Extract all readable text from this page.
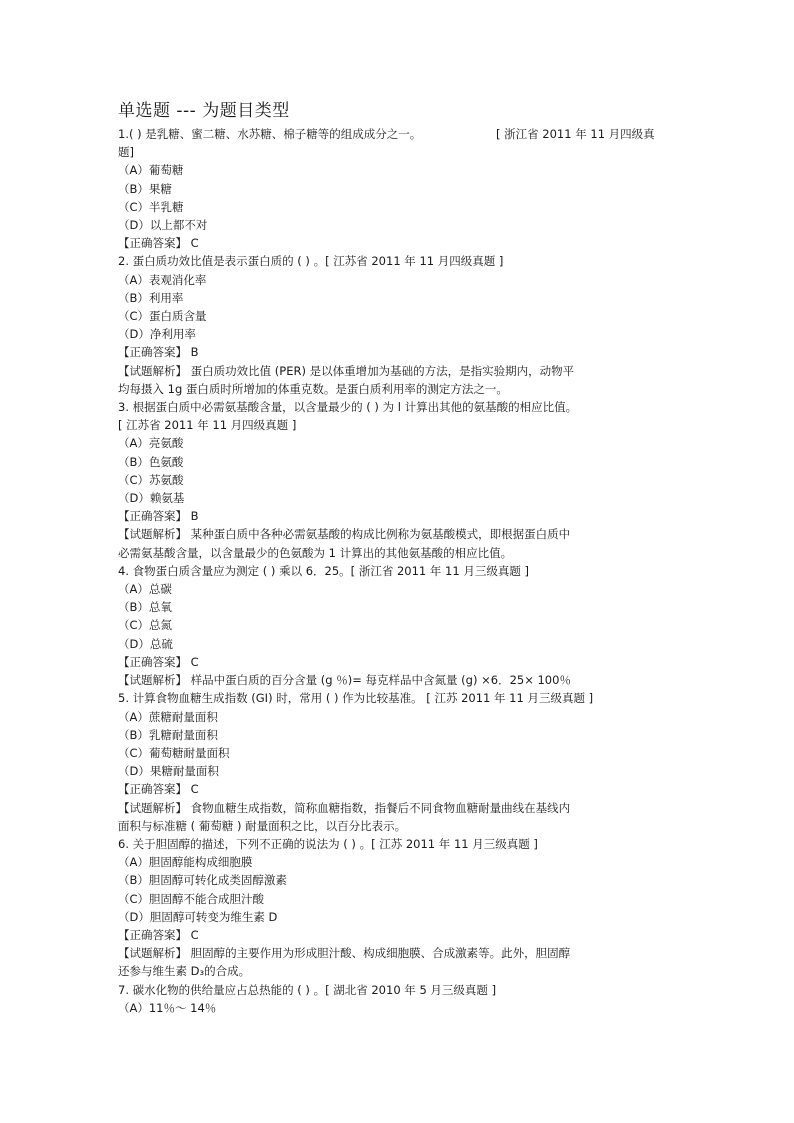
单选题 --- 为题目类型
1.( ) 是乳糖、蜜二糖、水苏糖、棉子糖等的组成成分之一。	[ 浙江省 2011 年 11 月四级真
题]
（A）葡萄糖
（B）果糖
（C）半乳糖
（D）以上都不对
【正确答案】 C
2. 蛋白质功效比值是表示蛋白质的 ( ) 。[ 江苏省 2011 年 11 月四级真题 ]
（A）表观消化率
（B）利用率
（C）蛋白质含量
（D）净利用率
【正确答案】 B
【试题解析】 蛋白质功效比值 (PER) 是以体重增加为基础的方法，是指实验期内，动物平
均每摄入 1g 蛋白质时所增加的体重克数。是蛋白质利用率的测定方法之一。
3. 根据蛋白质中必需氨基酸含量，以含量最少的 ( ) 为 l 计算出其他的氨基酸的相应比值。
[ 江苏省 2011 年 11 月四级真题 ]
（A）亮氨酸
（B）色氨酸
（C）苏氨酸
（D）赖氨基
【正确答案】 B
【试题解析】 某种蛋白质中各种必需氨基酸的构成比例称为氨基酸模式，即根据蛋白质中
必需氨基酸含量，以含量最少的色氨酸为 1 计算出的其他氨基酸的相应比值。
4. 食物蛋白质含量应为测定 ( ) 乘以 6．25。[ 浙江省 2011 年 11 月三级真题 ]
（A）总碳
（B）总氧
（C）总氮
（D）总硫
【正确答案】 C
【试题解析】 样品中蛋白质的百分含量 (g ％)= 每克样品中含氮量 (g) ×6．25× 100％
5. 计算食物血糖生成指数 (GI) 时，常用 ( ) 作为比较基准。 [ 江苏 2011 年 11 月三级真题 ]
（A）蔗糖耐量面积
（B）乳糖耐量面积
（C）葡萄糖耐量面积
（D）果糖耐量面积
【正确答案】 C
【试题解析】 食物血糖生成指数，简称血糖指数，指餐后不同食物血糖耐量曲线在基线内
面积与标准糖 ( 葡萄糖 ) 耐量面积之比，以百分比表示。
6. 关于胆固醇的描述，下列不正确的说法为 ( ) 。[ 江苏 2011 年 11 月三级真题 ]
（A）胆固醇能构成细胞膜
（B）胆固醇可转化成类固醇激素
（C）胆固醇不能合成胆汁酸
（D）胆固醇可转变为维生素 D
【正确答案】 C
【试题解析】 胆固醇的主要作用为形成胆汁酸、构成细胞膜、合成激素等。此外，胆固醇
还参与维生素 D₃的合成。
7. 碳水化物的供给量应占总热能的 ( ) 。[ 湖北省 2010 年 5 月三级真题 ]
（A）11％～ 14％
